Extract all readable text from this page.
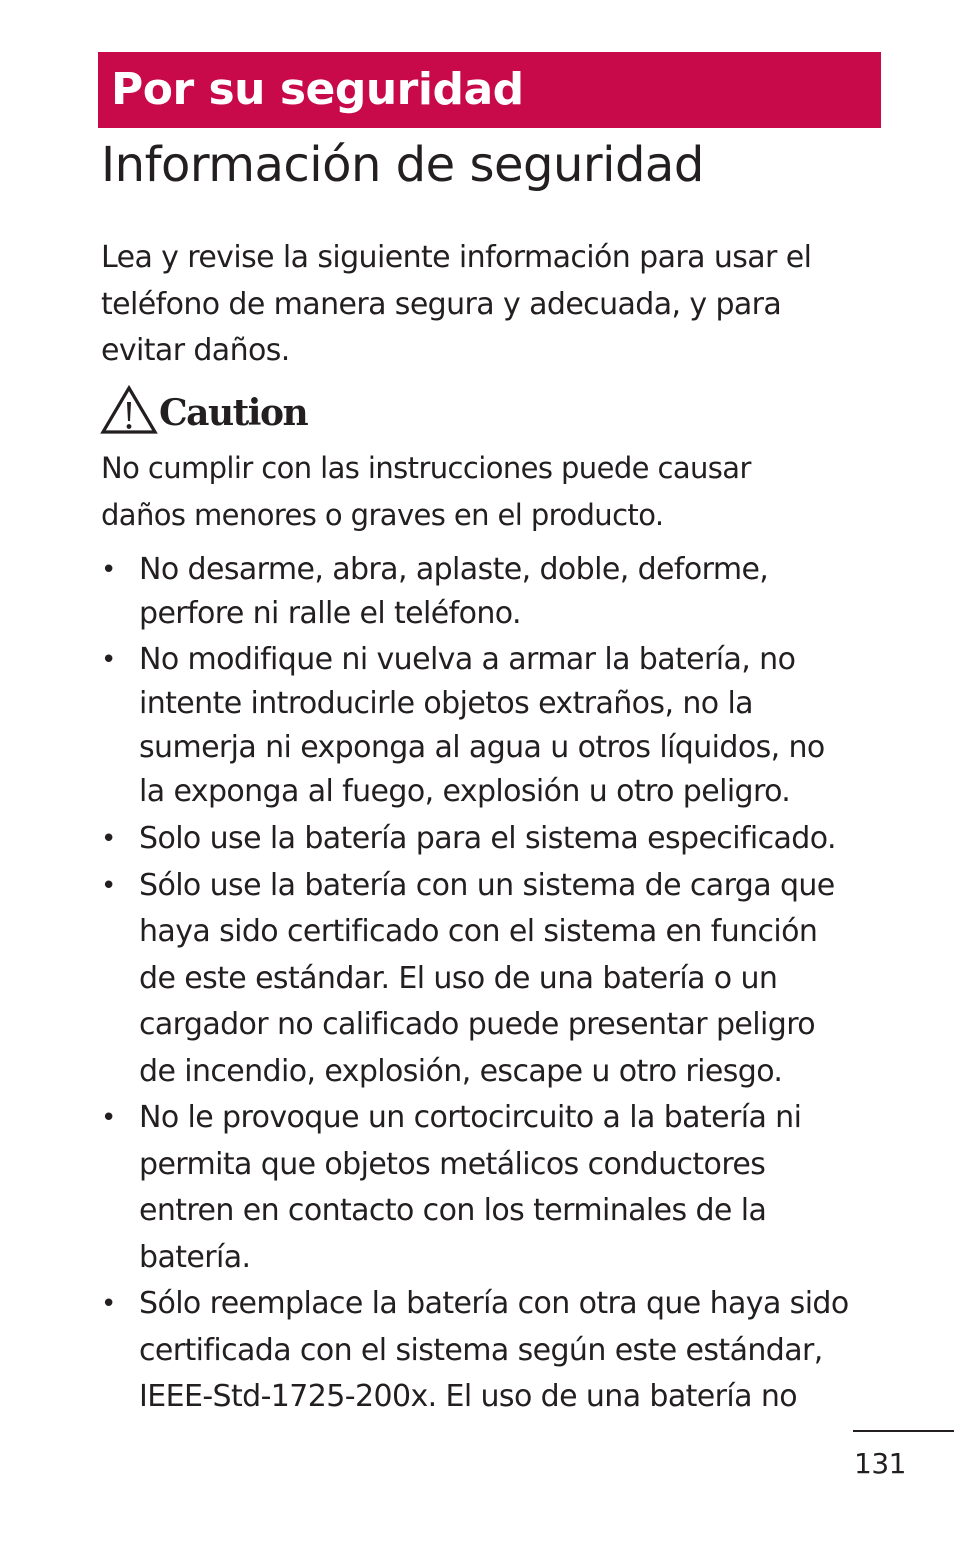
Por su seguridad
Información de seguridad

Lea y revise la siguiente información para usar el
teléfono de manera segura y adecuada, y para
evitar daños.

Caution

No cumplir con las instrucciones puede causar
daños menores o graves en el producto.

• No desarme, abra, aplaste, doble, deforme,
perfore ni ralle el teléfono.
• No modifique ni vuelva a armar la batería, no
intente introducirle objetos extraños, no la
sumerja ni exponga al agua u otros líquidos, no
la exponga al fuego, explosión u otro peligro.
• Solo use la batería para el sistema especificado.
• Sólo use la batería con un sistema de carga que
haya sido certificado con el sistema en función
de este estándar. El uso de una batería o un
cargador no calificado puede presentar peligro
de incendio, explosión, escape u otro riesgo.
• No le provoque un cortocircuito a la batería ni
permita que objetos metálicos conductores
entren en contacto con los terminales de la
batería.
• Sólo reemplace la batería con otra que haya sido
certificada con el sistema según este estándar,
IEEE-Std-1725-200x. El uso de una batería no
131
